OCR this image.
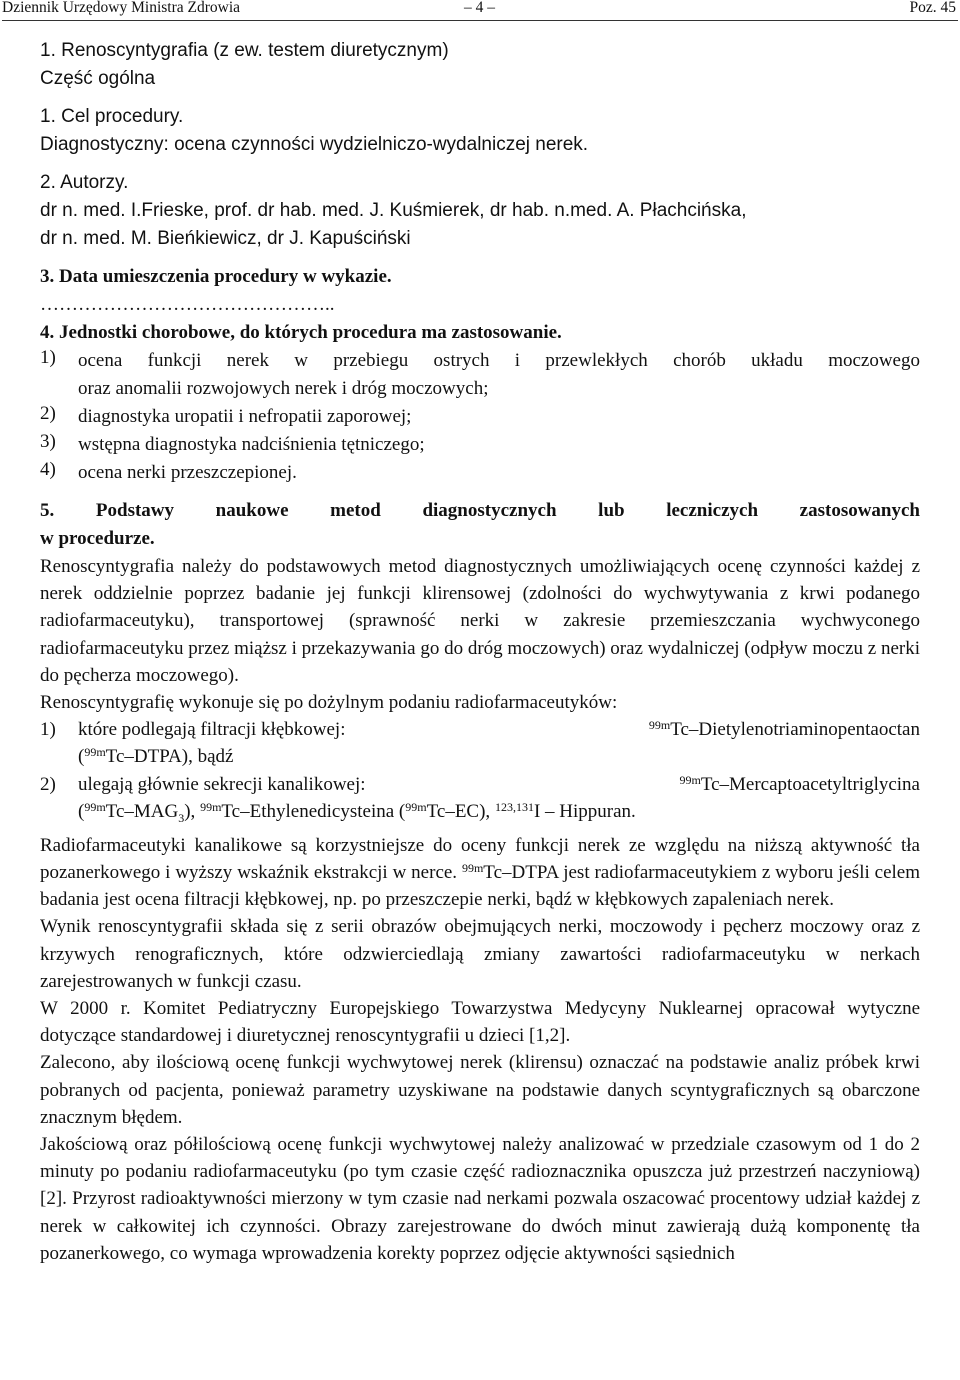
Dziennik Urzędowy Ministra Zdrowia	– 4 –	Poz. 45
1. Renoscyntygrafia (z ew. testem diuretycznym)
Część ogólna
1. Cel procedury.
Diagnostyczny: ocena czynności wydzielniczo-wydalniczej nerek.
2. Autorzy.
dr n. med. I.Frieske, prof. dr hab. med. J. Kuśmierek, dr hab. n.med. A. Płachcińska,
dr n. med. M. Bieńkiewicz, dr J. Kapuściński
3. Data umieszczenia procedury w wykazie.
………………………………………..
4. Jednostki chorobowe, do których procedura ma zastosowanie.
1) ocena funkcji nerek w przebiegu ostrych i przewlekłych chorób układu moczowego
oraz anomalii rozwojowych nerek i dróg moczowych;
2) diagnostyka uropatii i nefropatii zaporowej;
3) wstępna diagnostyka nadciśnienia tętniczego;
4) ocena nerki przeszczepionej.
5. Podstawy naukowe metod diagnostycznych lub leczniczych zastosowanych
w procedurze.

Renoscyntygrafia należy do podstawowych metod diagnostycznych umożliwiających ocenę czynności każdej z nerek oddzielnie poprzez badanie jej funkcji klirensowej (zdolności do wychwytywania z krwi podanego radiofarmaceutyku), transportowej (sprawność nerki w zakresie przemieszczania wychwyconego radiofarmaceutyku przez miąższ i przekazywania go do dróg moczowych) oraz wydalniczej (odpływ moczu z nerki do pęcherza moczowego).

Renoscyntygrafię wykonuje się po dożylnym podaniu radiofarmaceutyków:

1) które podlegają filtracji kłębkowej:	$^{99m}$Tc–Dietylenotriaminopentaoctan
($^{99m}$Tc–DTPA), bądź
2) ulegają głównie sekrecji kanalikowej:	$^{99m}$Tc–Mercaptoacetyltriglycina
$(^{99m}Tc-MAG_3)$, $^{99m}$Tc–Ethylenedicysteina ($^{99m}$Tc–EC), $^{123,131}$I – Hippuran.

Radiofarmaceutyki kanalikowe są korzystniejsze do oceny funkcji nerek ze względu na niższą aktywność tła pozanerkowego i wyższy wskaźnik ekstrakcji w nerce. $^{99m}$Tc–DTPA jest radiofarmaceutykiem z wyboru jeśli celem badania jest ocena filtracji kłębkowej, np. po przeszczepie nerki, bądź w kłębkowych zapaleniach nerek.

Wynik renoscyntygrafii składa się z serii obrazów obejmujących nerki, moczowody i pęcherz moczowy oraz z krzywych renograficznych, które odzwierciedlają zmiany zawartości radiofarmaceutyku w nerkach zarejestrowanych w funkcji czasu.

W 2000 r. Komitet Pediatryczny Europejskiego Towarzystwa Medycyny Nuklearnej opracował wytyczne dotyczące standardowej i diuretycznej renoscyntygrafii u dzieci [1,2].

Zalecono, aby ilościową ocenę funkcji wychwytowej nerek (klirensu) oznaczać na podstawie analiz próbek krwi pobranych od pacjenta, ponieważ parametry uzyskiwane na podstawie danych scyntygraficznych są obarczone znacznym błędem.

Jakościową oraz półilościową ocenę funkcji wychwytowej należy analizować w przedziale czasowym od 1 do 2 minuty po podaniu radiofarmaceutyku (po tym czasie część radioznacznika opuszcza już przestrzeń naczyniową) [2]. Przyrost radioaktywności mierzony w tym czasie nad nerkami pozwala oszacować procentowy udział każdej z nerek w całkowitej ich czynności. Obrazy zarejestrowane do dwóch minut zawierają dużą komponentę tła pozanerkowego, co wymaga wprowadzenia korekty poprzez odjęcie aktywności sąsiednich
